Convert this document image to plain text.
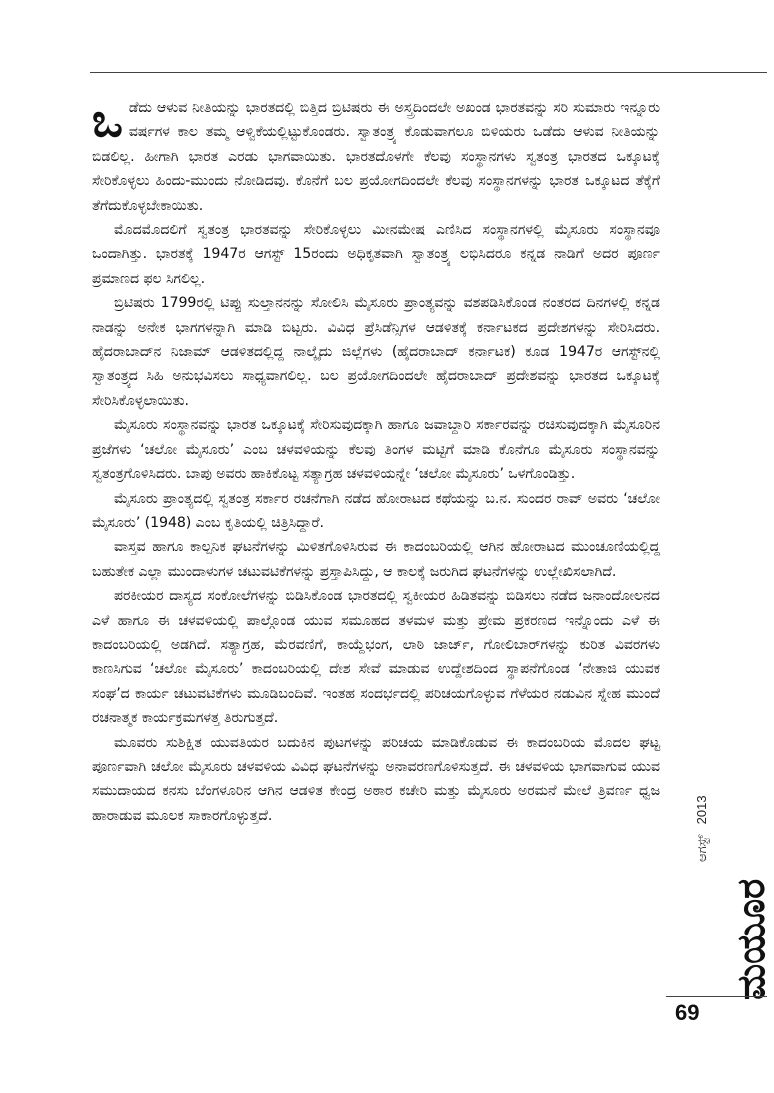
ಒಡೆದು ಆಳುವ ನೀತಿಯನ್ನು ಭಾರತದಲ್ಲಿ ಬಿತ್ತಿದ ಬ್ರಿಟಿಷರು ಈ ಅಸ್ತ್ರದಿಂದಲೇ ಅಖಂಡ ಭಾರತವನ್ನು ಸರಿ ಸುಮಾರು ಇನ್ನೂರು ವರ್ಷಗಳ ಕಾಲ ತಮ್ಮ ಆಳ್ವಿಕೆಯಲ್ಲಿಟ್ಟುಕೊಂಡರು. ಸ್ವಾತಂತ್ರ್ಯ ಕೊಡುವಾಗಲೂ ಬಿಳಿಯರು ಒಡೆದು ಆಳುವ ನೀತಿಯನ್ನು ಬಿಡಲಿಲ್ಲ. ಹೀಗಾಗಿ ಭಾರತ ಎರಡು ಭಾಗವಾಯಿತು. ಭಾರತದೊಳಗೇ ಕೆಲವು ಸಂಸ್ಥಾನಗಳು ಸ್ವತಂತ್ರ ಭಾರತದ ಒಕ್ಕೂಟಕ್ಕೆ ಸೇರಿಕೊಳ್ಳಲು ಹಿಂದು-ಮುಂದು ನೋಡಿದವು. ಕೊನೆಗೆ ಬಲ ಪ್ರಯೋಗದಿಂದಲೇ ಕೆಲವು ಸಂಸ್ಥಾನಗಳನ್ನು ಭಾರತ ಒಕ್ಕೂಟದ ತೆಕ್ಕೆಗೆ ತೆಗೆದುಕೊಳ್ಳಬೇಕಾಯಿತು.

ಮೊದಮೊದಲಿಗೆ ಸ್ವತಂತ್ರ ಭಾರತವನ್ನು ಸೇರಿಕೊಳ್ಳಲು ಮೀನಮೇಷ ಎಣಿಸಿದ ಸಂಸ್ಥಾನಗಳಲ್ಲಿ ಮೈಸೂರು ಸಂಸ್ಥಾನವೂ ಒಂದಾಗಿತ್ತು. ಭಾರತಕ್ಕೆ 1947ರ ಆಗಸ್ಟ್ 15ರಂದು ಅಧಿಕೃತವಾಗಿ ಸ್ವಾತಂತ್ರ್ಯ ಲಭಿಸಿದರೂ ಕನ್ನಡ ನಾಡಿಗೆ ಅದರ ಪೂರ್ಣ ಪ್ರಮಾಣದ ಫಲ ಸಿಗಲಿಲ್ಲ.

ಬ್ರಿಟಿಷರು 1799ರಲ್ಲಿ ಟಿಪ್ಪು ಸುಲ್ತಾನನನ್ನು ಸೋಲಿಸಿ ಮೈಸೂರು ಪ್ರಾಂತ್ಯವನ್ನು ವಶಪಡಿಸಿಕೊಂಡ ನಂತರದ ದಿನಗಳಲ್ಲಿ ಕನ್ನಡ ನಾಡನ್ನು ಅನೇಕ ಭಾಗಗಳನ್ನಾಗಿ ಮಾಡಿ ಬಿಟ್ಟರು. ವಿವಿಧ ಪ್ರೆಸಿಡೆನ್ಸಿಗಳ ಆಡಳಿತಕ್ಕೆ ಕರ್ನಾಟಕದ ಪ್ರದೇಶಗಳನ್ನು ಸೇರಿಸಿದರು. ಹೈದರಾಬಾದ್‌ನ ನಿಜಾಮ್ ಆಡಳಿತದಲ್ಲಿದ್ದ ನಾಲ್ಕೈದು ಜಿಲ್ಲೆಗಳು (ಹೈದರಾಬಾದ್ ಕರ್ನಾಟಕ) ಕೂಡ 1947ರ ಆಗಸ್ಟ್‌ನಲ್ಲಿ ಸ್ವಾತಂತ್ರ್ಯದ ಸಿಹಿ ಅನುಭವಿಸಲು ಸಾಧ್ಯವಾಗಲಿಲ್ಲ. ಬಲ ಪ್ರಯೋಗದಿಂದಲೇ ಹೈದರಾಬಾದ್ ಪ್ರದೇಶವನ್ನು ಭಾರತದ ಒಕ್ಕೂಟಕ್ಕೆ ಸೇರಿಸಿಕೊಳ್ಳಲಾಯಿತು.

ಮೈಸೂರು ಸಂಸ್ಥಾನವನ್ನು ಭಾರತ ಒಕ್ಕೂಟಕ್ಕೆ ಸೇರಿಸುವುದಕ್ಕಾಗಿ ಹಾಗೂ ಜವಾಬ್ದಾರಿ ಸರ್ಕಾರವನ್ನು ರಚಿಸುವುದಕ್ಕಾಗಿ ಮೈಸೂರಿನ ಪ್ರಜೆಗಳು ‘ಚಲೋ ಮೈಸೂರು’ ಎಂಬ ಚಳವಳಿಯನ್ನು ಕೆಲವು ತಿಂಗಳ ಮಟ್ಟಿಗೆ ಮಾಡಿ ಕೊನೆಗೂ ಮೈಸೂರು ಸಂಸ್ಥಾನವನ್ನು ಸ್ವತಂತ್ರಗೊಳಿಸಿದರು. ಬಾಪು ಅವರು ಹಾಕಿಕೊಟ್ಟ ಸತ್ಯಾಗ್ರಹ ಚಳವಳಿಯನ್ನೇ ‘ಚಲೋ ಮೈಸೂರು’ ಒಳಗೊಂಡಿತ್ತು.

ಮೈಸೂರು ಪ್ರಾಂತ್ಯದಲ್ಲಿ ಸ್ವತಂತ್ರ ಸರ್ಕಾರ ರಚನೆಗಾಗಿ ನಡೆದ ಹೋರಾಟದ ಕಥೆಯನ್ನು ಬ.ನ. ಸುಂದರ ರಾವ್ ಅವರು ‘ಚಲೋ ಮೈಸೂರು’ (1948) ಎಂಬ ಕೃತಿಯಲ್ಲಿ ಚಿತ್ರಿಸಿದ್ದಾರೆ.

ವಾಸ್ತವ ಹಾಗೂ ಕಾಲ್ಪನಿಕ ಘಟನೆಗಳನ್ನು ಮಿಳಿತಗೊಳಿಸಿರುವ ಈ ಕಾದಂಬರಿಯಲ್ಲಿ ಆಗಿನ ಹೋರಾಟದ ಮುಂಚೂಣಿಯಲ್ಲಿದ್ದ ಬಹುತೇಕ ಎಲ್ಲಾ ಮುಂದಾಳುಗಳ ಚಟುವಟಿಕೆಗಳನ್ನು ಪ್ರಸ್ತಾಪಿಸಿದ್ದು, ಆ ಕಾಲಕ್ಕೆ ಜರುಗಿದ ಘಟನೆಗಳನ್ನು ಉಲ್ಲೇಖಿಸಲಾಗಿದೆ.

ಪರಕೀಯರ ದಾಸ್ಯದ ಸಂಕೋಲೆಗಳನ್ನು ಬಿಡಿಸಿಕೊಂಡ ಭಾರತದಲ್ಲಿ ಸ್ವಕೀಯರ ಹಿಡಿತವನ್ನು ಬಿಡಿಸಲು ನಡೆದ ಜನಾಂದೋಲನದ ಎಳೆ ಹಾಗೂ ಈ ಚಳವಳಿಯಲ್ಲಿ ಪಾಲ್ಗೊಂಡ ಯುವ ಸಮೂಹದ ತಳಮಳ ಮತ್ತು ಪ್ರೇಮ ಪ್ರಕರಣದ ಇನ್ನೊಂದು ಎಳೆ ಈ ಕಾದಂಬರಿಯಲ್ಲಿ ಅಡಗಿದೆ. ಸತ್ಯಾಗ್ರಹ, ಮೆರವಣಿಗೆ, ಕಾಯ್ದೆಭಂಗ, ಲಾಠಿ ಜಾರ್ಜ್, ಗೋಲಿಬಾರ್‌ಗಳನ್ನು ಕುರಿತ ವಿವರಗಳು ಕಾಣಸಿಗುವ ‘ಚಲೋ ಮೈಸೂರು’ ಕಾದಂಬರಿಯಲ್ಲಿ ದೇಶ ಸೇವೆ ಮಾಡುವ ಉದ್ದೇಶದಿಂದ ಸ್ಥಾಪನೆಗೊಂಡ ‘ನೇತಾಜಿ ಯುವಕ ಸಂಘ’ದ ಕಾರ್ಯ ಚಟುವಟಿಕೆಗಳು ಮೂಡಿಬಂದಿವೆ. ಇಂತಹ ಸಂದರ್ಭದಲ್ಲಿ ಪರಿಚಯಗೊಳ್ಳುವ ಗೆಳೆಯರ ನಡುವಿನ ಸ್ನೇಹ ಮುಂದೆ ರಚನಾತ್ಮಕ ಕಾರ್ಯಕ್ರಮಗಳತ್ತ ತಿರುಗುತ್ತದೆ.

ಮೂವರು ಸುಶಿಕ್ಷಿತ ಯುವತಿಯರ ಬದುಕಿನ ಪುಟಗಳನ್ನು ಪರಿಚಯ ಮಾಡಿಕೊಡುವ ಈ ಕಾದಂಬರಿಯ ಮೊದಲ ಘಟ್ಟ ಪೂರ್ಣವಾಗಿ ಚಲೋ ಮೈಸೂರು ಚಳವಳಿಯ ವಿವಿಧ ಘಟನೆಗಳನ್ನು ಅನಾವರಣಗೊಳಿಸುತ್ತದೆ. ಈ ಚಳವಳಿಯ ಭಾಗವಾಗುವ ಯುವ ಸಮುದಾಯದ ಕನಸು ಬೆಂಗಳೂರಿನ ಆಗಿನ ಆಡಳಿತ ಕೇಂದ್ರ ಅಠಾರ ಕಚೇರಿ ಮತ್ತು ಮೈಸೂರು ಅರಮನೆ ಮೇಲೆ ತ್ರಿವರ್ಣ ಧ್ವಜ ಹಾರಾಡುವ ಮೂಲಕ ಸಾಕಾರಗೊಳ್ಳುತ್ತದೆ.

ಆಗಸ್ಟ್2013
ಮಯೂರ
69
